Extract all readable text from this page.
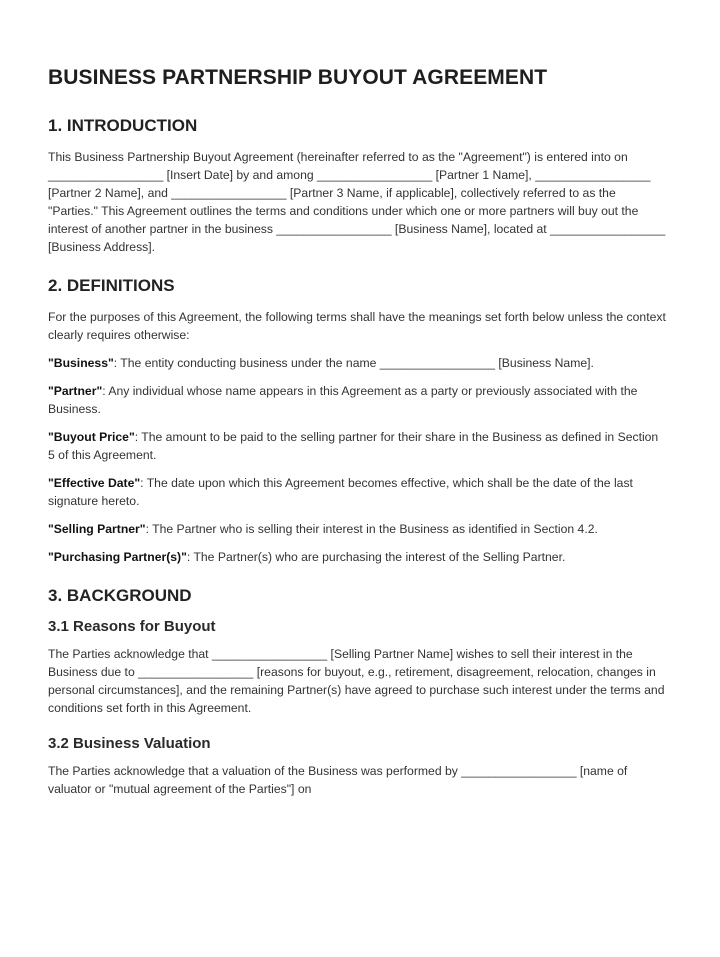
BUSINESS PARTNERSHIP BUYOUT AGREEMENT
1. INTRODUCTION

This Business Partnership Buyout Agreement (hereinafter referred to as the "Agreement") is entered into on _________________ [Insert Date] by and among _________________ [Partner 1 Name], _________________ [Partner 2 Name], and _________________ [Partner 3 Name, if applicable], collectively referred to as the "Parties." This Agreement outlines the terms and conditions under which one or more partners will buy out the interest of another partner in the business _________________ [Business Name], located at _________________ [Business Address].

2. DEFINITIONS

For the purposes of this Agreement, the following terms shall have the meanings set forth below unless the context clearly requires otherwise:

"Business": The entity conducting business under the name _________________ [Business Name].

"Partner": Any individual whose name appears in this Agreement as a party or previously associated with the Business.

"Buyout Price": The amount to be paid to the selling partner for their share in the Business as defined in Section 5 of this Agreement.

"Effective Date": The date upon which this Agreement becomes effective, which shall be the date of the last signature hereto.

"Selling Partner": The Partner who is selling their interest in the Business as identified in Section 4.2.

"Purchasing Partner(s)": The Partner(s) who are purchasing the interest of the Selling Partner.

3. BACKGROUND
3.1 Reasons for Buyout

The Parties acknowledge that _________________ [Selling Partner Name] wishes to sell their interest in the Business due to _________________ [reasons for buyout, e.g., retirement, disagreement, relocation, changes in personal circumstances], and the remaining Partner(s) have agreed to purchase such interest under the terms and conditions set forth in this Agreement.

3.2 Business Valuation

The Parties acknowledge that a valuation of the Business was performed by _________________ [name of valuator or "mutual agreement of the Parties"] on
